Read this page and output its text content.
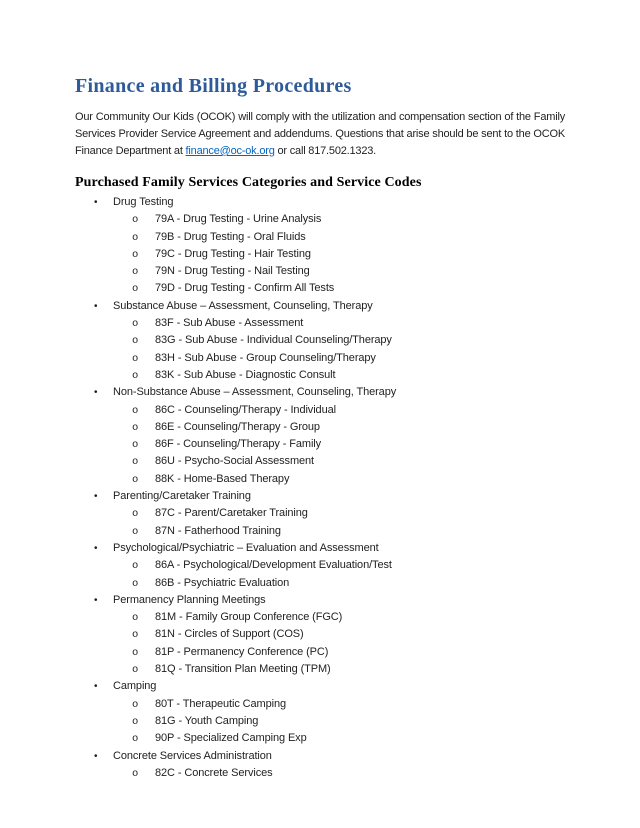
Finance and Billing Procedures
Our Community Our Kids (OCOK) will comply with the utilization and compensation section of the Family
Services Provider Service Agreement and addendums. Questions that arise should be sent to the OCOK
Finance Department at finance@oc-ok.org or call 817.502.1323.
Purchased Family Services Categories and Service Codes
• Drug Testing
o 79A - Drug Testing - Urine Analysis
o 79B - Drug Testing - Oral Fluids
o 79C - Drug Testing - Hair Testing
o 79N - Drug Testing - Nail Testing
o 79D - Drug Testing - Confirm All Tests
• Substance Abuse – Assessment, Counseling, Therapy
o 83F - Sub Abuse - Assessment
o 83G - Sub Abuse - Individual Counseling/Therapy
o 83H - Sub Abuse - Group Counseling/Therapy
o 83K - Sub Abuse - Diagnostic Consult
• Non-Substance Abuse – Assessment, Counseling, Therapy
o 86C - Counseling/Therapy - Individual
o 86E - Counseling/Therapy - Group
o 86F - Counseling/Therapy - Family
o 86U - Psycho-Social Assessment
o 88K - Home-Based Therapy
• Parenting/Caretaker Training
o 87C - Parent/Caretaker Training
o 87N - Fatherhood Training
• Psychological/Psychiatric – Evaluation and Assessment
o 86A - Psychological/Development Evaluation/Test
o 86B - Psychiatric Evaluation
• Permanency Planning Meetings
o 81M - Family Group Conference (FGC)
o 81N - Circles of Support (COS)
o 81P - Permanency Conference (PC)
o 81Q - Transition Plan Meeting (TPM)
• Camping
o 80T - Therapeutic Camping
o 81G - Youth Camping
o 90P - Specialized Camping Exp
• Concrete Services Administration
o 82C - Concrete Services
